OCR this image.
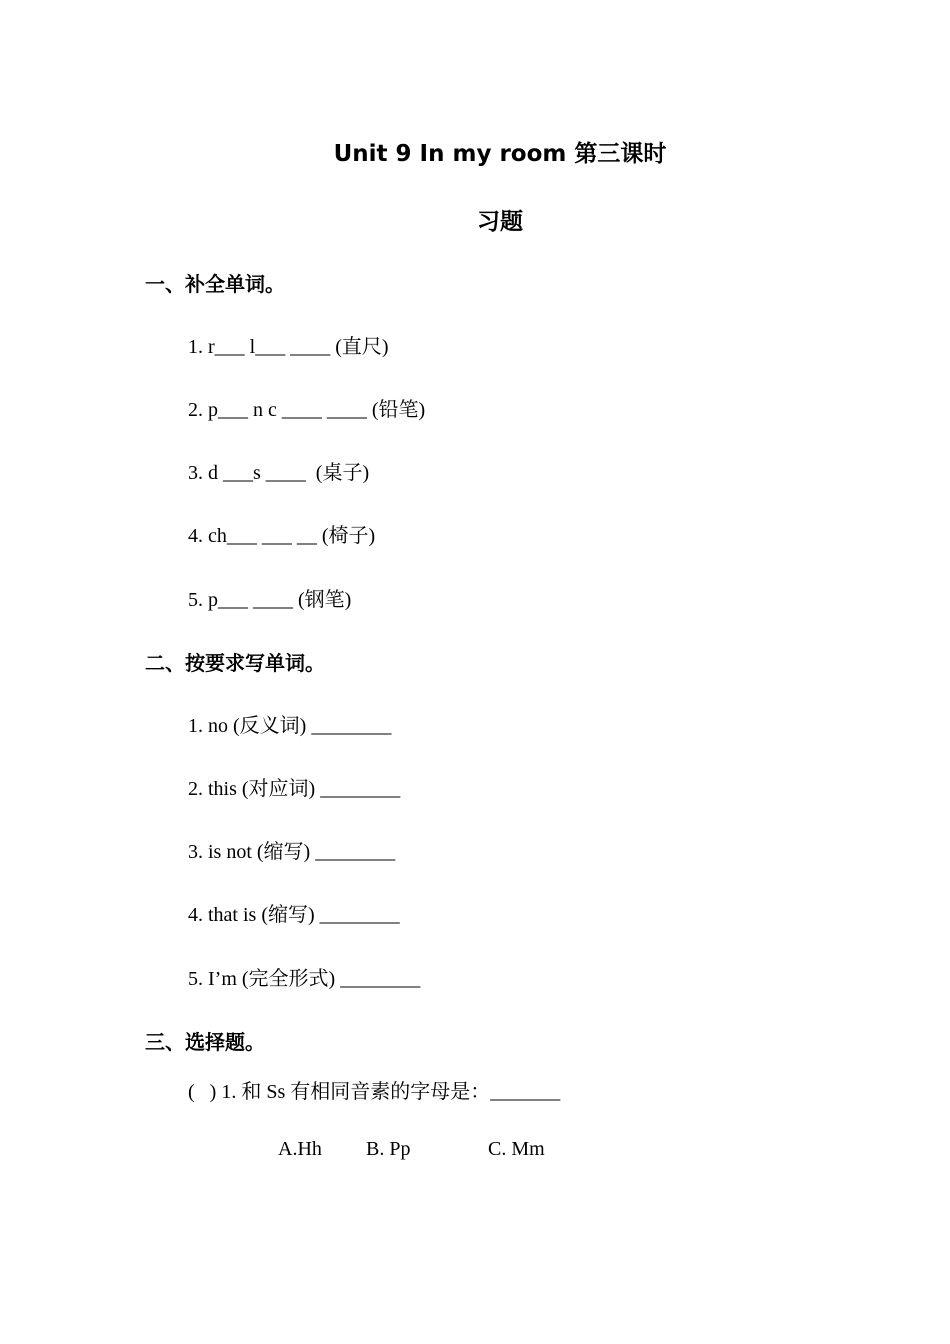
Unit 9 In my room 第三课时
习题
一、补全单词。
1. r___ l___ ____ (直尺)
2. p___ n c ____ ____ (铅笔)
3. d ___s ____  (桌子)
4. ch___ ___ __ (椅子)
5. p___ ____ (钢笔)
二、按要求写单词。
1. no (反义词) ________
2. this (对应词) ________
3. is not (缩写) ________
4. that is (缩写) ________
5. I’m (完全形式) ________
三、选择题。
(   ) 1. 和 Ss 有相同音素的字母是：_______
A.Hh B. Pp	C. Mm
